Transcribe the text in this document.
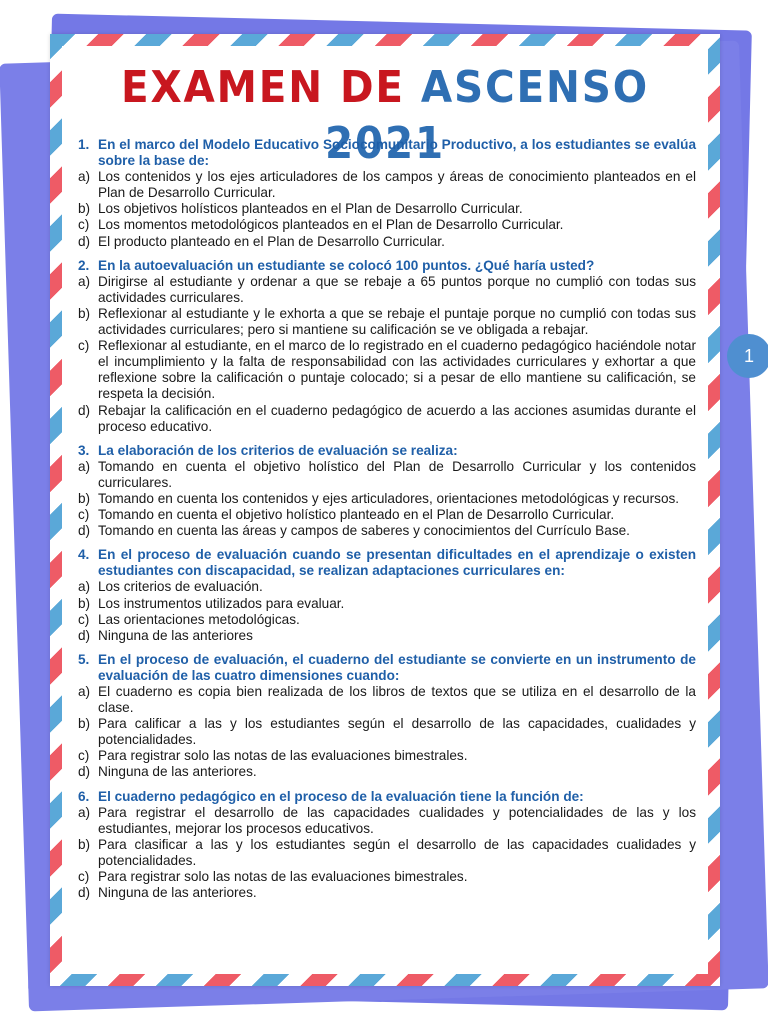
EXAMEN DE ASCENSO 2021
1. En el marco del Modelo Educativo Sociocomunitario Productivo, a los estudiantes se evalúa sobre la base de:
a) Los contenidos y los ejes articuladores de los campos y áreas de conocimiento planteados en el Plan de Desarrollo Curricular.
b) Los objetivos holísticos planteados en el Plan de Desarrollo Curricular.
c) Los momentos metodológicos planteados en el Plan de Desarrollo Curricular.
d) El producto planteado en el Plan de Desarrollo Curricular.
2. En la autoevaluación un estudiante se colocó 100 puntos. ¿Qué haría usted?
a) Dirigirse al estudiante y ordenar a que se rebaje a 65 puntos porque no cumplió con todas sus actividades curriculares.
b) Reflexionar al estudiante y le exhorta a que se rebaje el puntaje porque no cumplió con todas sus actividades curriculares; pero si mantiene su calificación se ve obligada a rebajar.
c) Reflexionar al estudiante, en el marco de lo registrado en el cuaderno pedagógico haciéndole notar el incumplimiento y la falta de responsabilidad con las actividades curriculares y exhortar a que reflexione sobre la calificación o puntaje colocado; si a pesar de ello mantiene su calificación, se respeta la decisión.
d) Rebajar la calificación en el cuaderno pedagógico de acuerdo a las acciones asumidas durante el proceso educativo.
3. La elaboración de los criterios de evaluación se realiza:
a) Tomando en cuenta el objetivo holístico del Plan de Desarrollo Curricular y los contenidos curriculares.
b) Tomando en cuenta los contenidos y ejes articuladores, orientaciones metodológicas y recursos.
c) Tomando en cuenta el objetivo holístico planteado en el Plan de Desarrollo Curricular.
d) Tomando en cuenta las áreas y campos de saberes y conocimientos del Currículo Base.
4. En el proceso de evaluación cuando se presentan dificultades en el aprendizaje o existen estudiantes con discapacidad, se realizan adaptaciones curriculares en:
a) Los criterios de evaluación.
b) Los instrumentos utilizados para evaluar.
c) Las orientaciones metodológicas.
d) Ninguna de las anteriores
5. En el proceso de evaluación, el cuaderno del estudiante se convierte en un instrumento de evaluación de las cuatro dimensiones cuando:
a) El cuaderno es copia bien realizada de los libros de textos que se utiliza en el desarrollo de la clase.
b) Para calificar a las y los estudiantes según el desarrollo de las capacidades, cualidades y potencialidades.
c) Para registrar solo las notas de las evaluaciones bimestrales.
d) Ninguna de las anteriores.
6. El cuaderno pedagógico en el proceso de la evaluación tiene la función de:
a) Para registrar el desarrollo de las capacidades cualidades y potencialidades de las y los estudiantes, mejorar los procesos educativos.
b) Para clasificar a las y los estudiantes según el desarrollo de las capacidades cualidades y potencialidades.
c) Para registrar solo las notas de las evaluaciones bimestrales.
d) Ninguna de las anteriores.
1
